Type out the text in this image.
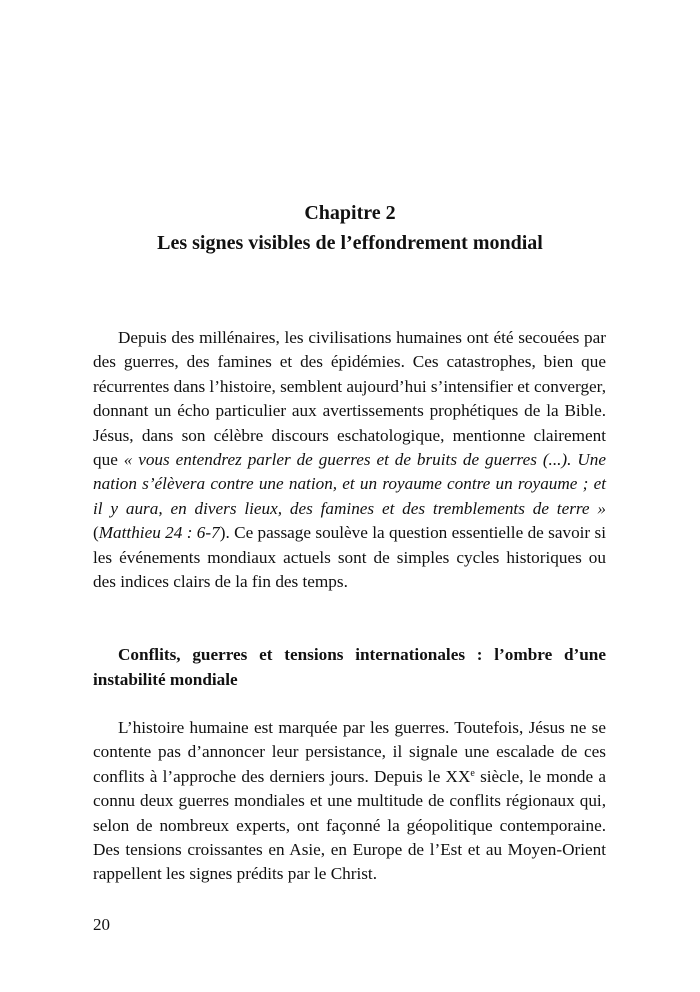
Chapitre 2
Les signes visibles de l’effondrement mondial

Depuis des millénaires, les civilisations humaines ont été secouées par des guerres, des famines et des épidémies. Ces catastrophes, bien que récurrentes dans l’histoire, semblent aujourd’hui s’intensifier et converger, donnant un écho particulier aux avertissements prophétiques de la Bible. Jésus, dans son célèbre discours eschatologique, mentionne clairement que « vous entendrez parler de guerres et de bruits de guerres (...). Une nation s’élèvera contre une nation, et un royaume contre un royaume ; et il y aura, en divers lieux, des famines et des tremblements de terre » (Matthieu 24 : 6-7). Ce passage soulève la question essentielle de savoir si les événements mondiaux actuels sont de simples cycles historiques ou des indices clairs de la fin des temps.

Conflits, guerres et tensions internationales : l’ombre d’une instabilité mondiale

L’histoire humaine est marquée par les guerres. Toutefois, Jésus ne se contente pas d’annoncer leur persistance, il signale une escalade de ces conflits à l’approche des derniers jours. Depuis le XXe siècle, le monde a connu deux guerres mondiales et une multitude de conflits régionaux qui, selon de nombreux experts, ont façonné la géopolitique contemporaine. Des tensions croissantes en Asie, en Europe de l’Est et au Moyen-Orient rappellent les signes prédits par le Christ.

20
